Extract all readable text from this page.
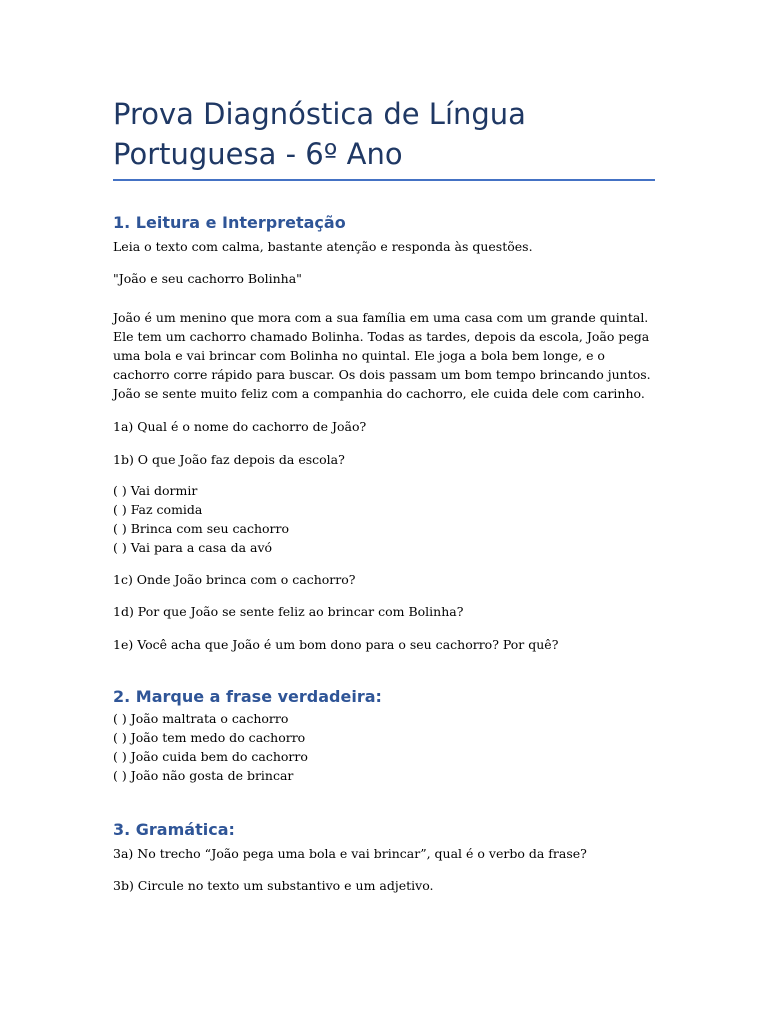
Prova Diagnóstica de Língua Portuguesa - 6º Ano
1. Leitura e Interpretação

Leia o texto com calma, bastante atenção e responda às questões.

"João e seu cachorro Bolinha"

João é um menino que mora com a sua família em uma casa com um grande quintal. Ele tem um cachorro chamado Bolinha. Todas as tardes, depois da escola, João pega uma bola e vai brincar com Bolinha no quintal. Ele joga a bola bem longe, e o cachorro corre rápido para buscar. Os dois passam um bom tempo brincando juntos. João se sente muito feliz com a companhia do cachorro, ele cuida dele com carinho.

1a) Qual é o nome do cachorro de João?

1b) O que João faz depois da escola?

( ) Vai dormir
( ) Faz comida
( ) Brinca com seu cachorro
( ) Vai para a casa da avó

1c) Onde João brinca com o cachorro?

1d) Por que João se sente feliz ao brincar com Bolinha?

1e) Você acha que João é um bom dono para o seu cachorro? Por quê?

2. Marque a frase verdadeira:
( ) João maltrata o cachorro
( ) João tem medo do cachorro
( ) João cuida bem do cachorro
( ) João não gosta de brincar
3. Gramática:

3a) No trecho “João pega uma bola e vai brincar”, qual é o verbo da frase?

3b) Circule no texto um substantivo e um adjetivo.
